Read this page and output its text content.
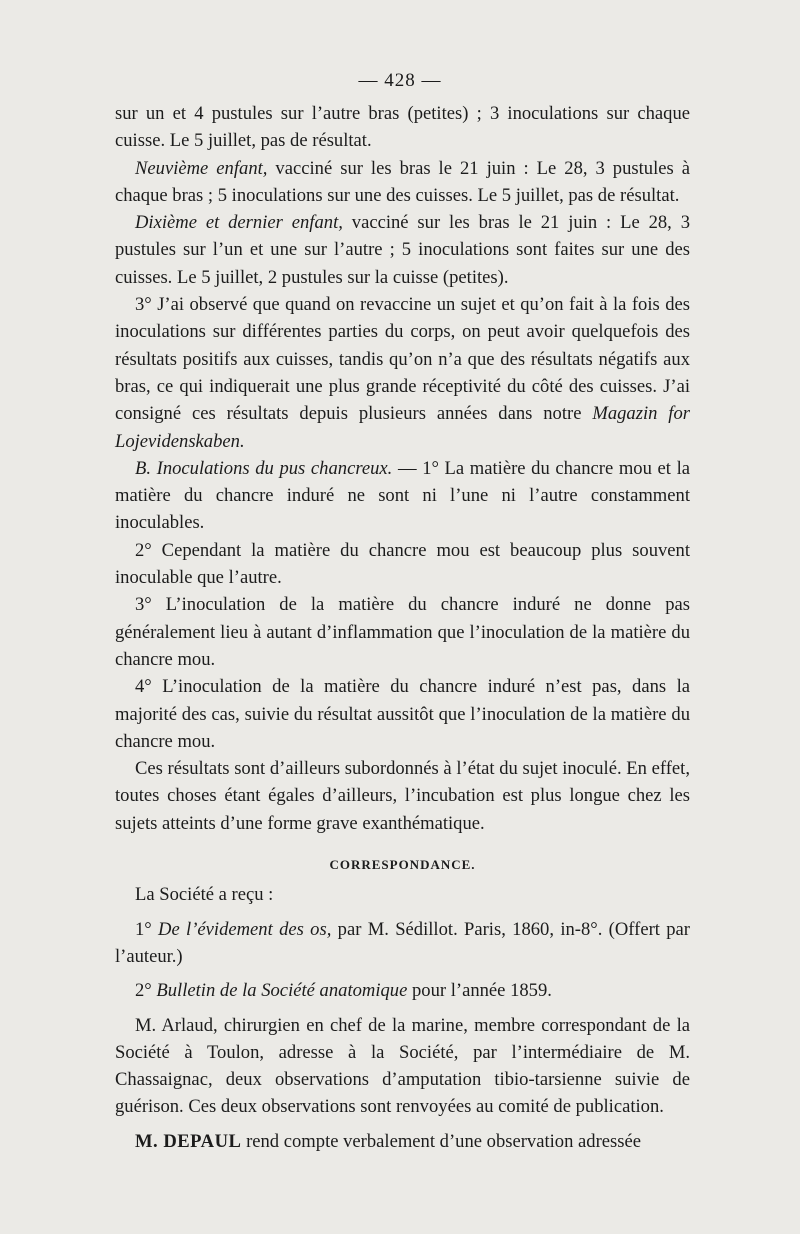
— 428 —

sur un et 4 pustules sur l’autre bras (petites) ; 3 inoculations sur chaque cuisse. Le 5 juillet, pas de résultat.

Neuvième enfant, vacciné sur les bras le 21 juin : Le 28, 3 pustules à chaque bras ; 5 inoculations sur une des cuisses. Le 5 juillet, pas de résultat.

Dixième et dernier enfant, vacciné sur les bras le 21 juin : Le 28, 3 pustules sur l’un et une sur l’autre ; 5 inoculations sont faites sur une des cuisses. Le 5 juillet, 2 pustules sur la cuisse (petites).

3° J’ai observé que quand on revaccine un sujet et qu’on fait à la fois des inoculations sur différentes parties du corps, on peut avoir quelquefois des résultats positifs aux cuisses, tandis qu’on n’a que des résultats négatifs aux bras, ce qui indiquerait une plus grande réceptivité du côté des cuisses. J’ai consigné ces résultats depuis plusieurs années dans notre Magazin for Lojevidenskaben.

B. Inoculations du pus chancreux. — 1° La matière du chancre mou et la matière du chancre induré ne sont ni l’une ni l’autre constamment inoculables.

2° Cependant la matière du chancre mou est beaucoup plus souvent inoculable que l’autre.

3° L’inoculation de la matière du chancre induré ne donne pas généralement lieu à autant d’inflammation que l’inoculation de la matière du chancre mou.

4° L’inoculation de la matière du chancre induré n’est pas, dans la majorité des cas, suivie du résultat aussitôt que l’inoculation de la matière du chancre mou.

Ces résultats sont d’ailleurs subordonnés à l’état du sujet inoculé. En effet, toutes choses étant égales d’ailleurs, l’incubation est plus longue chez les sujets atteints d’une forme grave exanthématique.

CORRESPONDANCE.

La Société a reçu :

1° De l’évidement des os, par M. Sédillot. Paris, 1860, in-8°. (Offert par l’auteur.)

2° Bulletin de la Société anatomique pour l’année 1859.

M. Arlaud, chirurgien en chef de la marine, membre correspondant de la Société à Toulon, adresse à la Société, par l’intermédiaire de M. Chassaignac, deux observations d’amputation tibio-tarsienne suivie de guérison. Ces deux observations sont renvoyées au comité de publication.

M. DEPAUL rend compte verbalement d’une observation adressée
